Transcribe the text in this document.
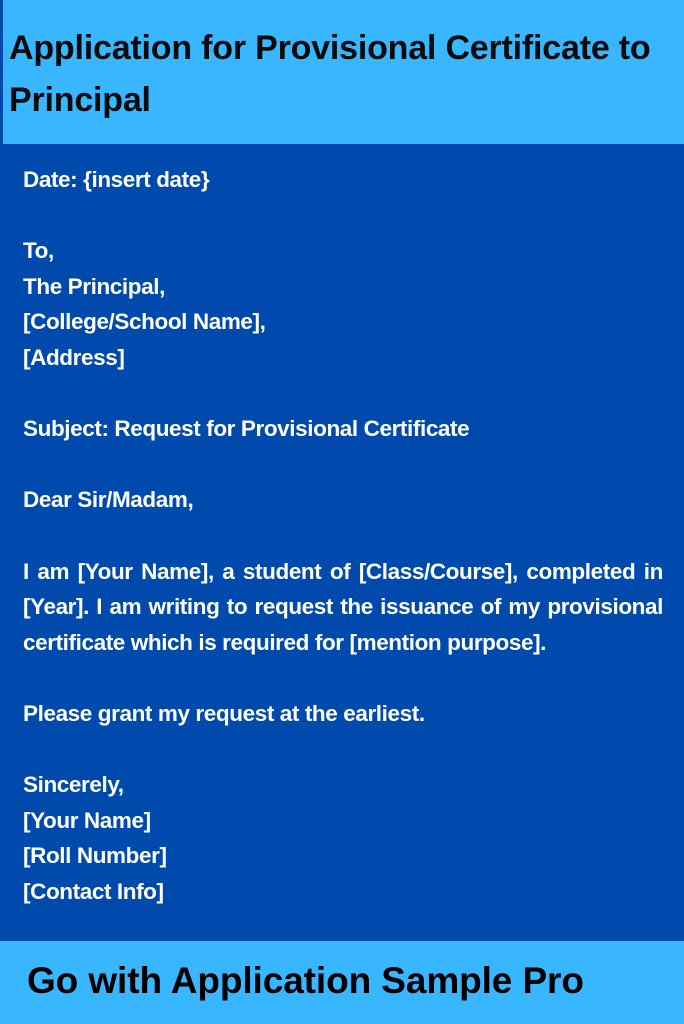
Application for Provisional Certificate to Principal
Date: {insert date}
To,
The Principal,
[College/School Name],
[Address]
Subject: Request for Provisional Certificate
Dear Sir/Madam,
I am [Your Name], a student of [Class/Course], completed in [Year]. I am writing to request the issuance of my provisional certificate which is required for [mention purpose].
Please grant my request at the earliest.
Sincerely,
[Your Name]
[Roll Number]
[Contact Info]

Go with Application Sample Pro
